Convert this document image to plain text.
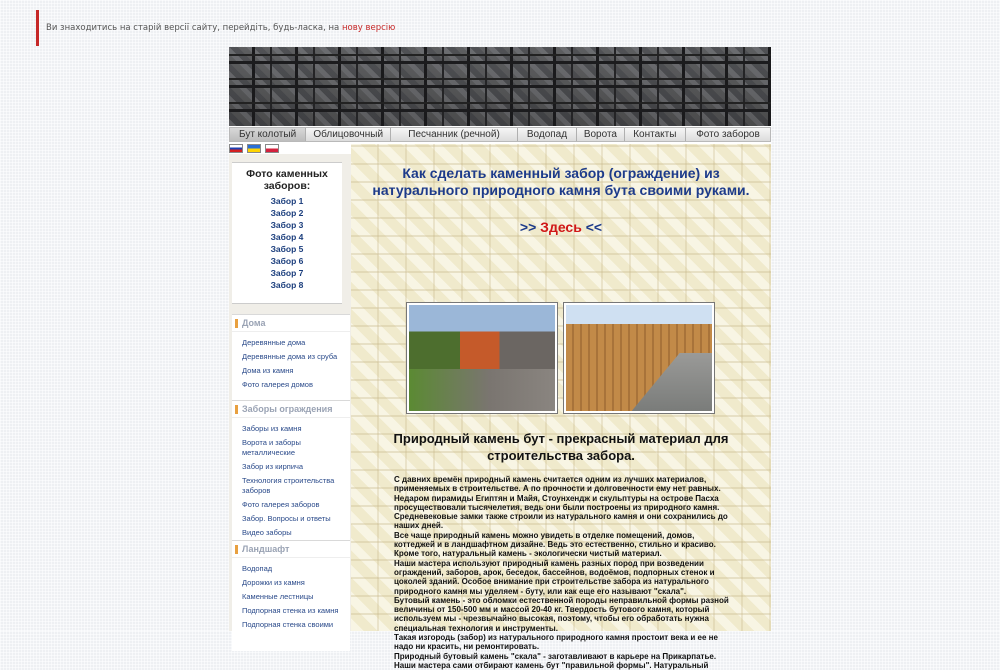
Ви знаходитись на старій версії сайту, перейдіть, будь-ласка, на нову версію
Бут колотый	Облицовочный	Песчанник (речной)	Водопад	Ворота	Контакты	Фото заборов
Фото каменных заборов:
Забор 1
Забор 2
Забор 3
Забор 4
Забор 5
Забор 6
Забор 7
Забор 8
Дома
Деревянные дома
Деревянные дома из сруба
Дома из камня
Фото галерея домов
Заборы ограждения
Заборы из камня
Ворота и заборы металлические
Забор из кирпича
Технология строительства заборов
Фото галерея заборов
Забор. Вопросы и ответы
Видео заборы
Ландшафт
Водопад
Дорожки из камня
Каменные лестницы
Подпорная стенка из камня
Подпорная стенка своими
Как сделать каменный забор (ограждение) из натурального природного камня бута своими руками.
>> Здесь <<
Природный камень бут - прекрасный материал для строительства забора.
С давних времён природный камень считается одним из лучших материалов, применяемых в строительстве. А по прочности и долговечности ему нет равных. Недаром пирамиды Египтян и Майя, Стоунхендж и скульптуры на острове Пасха просуществовали тысячелетия, ведь они были построены из природного камня. Средневековые замки также строили из натурального камня и они сохранились до наших дней.
Все чаще природный камень можно увидеть в отделке помещений, домов, коттеджей и в ландшафтном дизайне. Ведь это естественно, стильно и красиво. Кроме того, натуральный камень - экологически чистый материал.
Наши мастера используют природный камень разных пород при возведении ограждений, заборов, арок, беседок, бассейнов, водоёмов, подпорных стенок и цоколей зданий. Особое внимание при строительстве забора из натурального природного камня мы уделяем - буту, или как еще его называют "скала".
Бутовый камень - это обломки естественной породы неправильной формы разной величины от 150-500 мм и массой 20-40 кг. Твердость бутового камня, который используем мы - чрезвычайно высокая, поэтому, чтобы его обработать нужна специальная технология и инструменты.
Такая изгородь (забор) из натурального природного камня простоит века и ее не надо ни красить, ни ремонтировать.
Природный бутовый камень "скала" - заготавливают в карьере на Прикарпатье. Наши мастера сами отбирают камень бут "правильной формы". Натуральный
